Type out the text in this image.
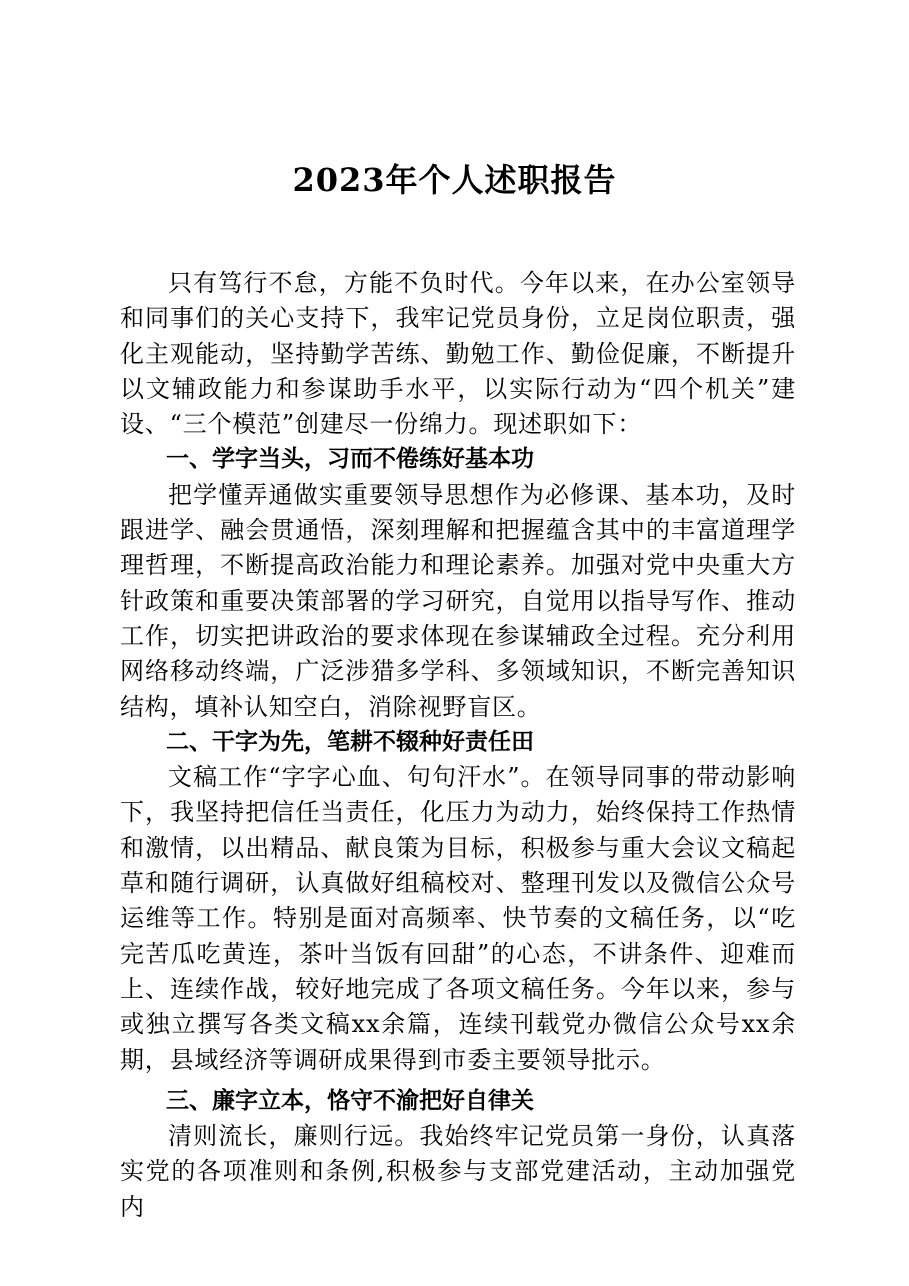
2023年个人述职报告

只有笃行不怠，方能不负时代。今年以来，在办公室领导和同事们的关心支持下，我牢记党员身份，立足岗位职责，强化主观能动，坚持勤学苦练、勤勉工作、勤俭促廉，不断提升以文辅政能力和参谋助手水平，以实际行动为“四个机关”建设、“三个模范”创建尽一份绵力。现述职如下：

一、学字当头，习而不倦练好基本功

把学懂弄通做实重要领导思想作为必修课、基本功，及时跟进学、融会贯通悟，深刻理解和把握蕴含其中的丰富道理学理哲理，不断提高政治能力和理论素养。加强对党中央重大方针政策和重要决策部署的学习研究，自觉用以指导写作、推动工作，切实把讲政治的要求体现在参谋辅政全过程。充分利用网络移动终端，广泛涉猎多学科、多领域知识，不断完善知识结构，填补认知空白，消除视野盲区。

二、干字为先，笔耕不辍种好责任田

文稿工作“字字心血、句句汗水”。在领导同事的带动影响下，我坚持把信任当责任，化压力为动力，始终保持工作热情和激情，以出精品、献良策为目标，积极参与重大会议文稿起草和随行调研，认真做好组稿校对、整理刊发以及微信公众号运维等工作。特别是面对高频率、快节奏的文稿任务，以“吃完苦瓜吃黄连，茶叶当饭有回甜”的心态，不讲条件、迎难而上、连续作战，较好地完成了各项文稿任务。今年以来，参与或独立撰写各类文稿xx余篇，连续刊载党办微信公众号xx余期，县域经济等调研成果得到市委主要领导批示。

三、廉字立本，恪守不渝把好自律关

清则流长，廉则行远。我始终牢记党员第一身份，认真落实党的各项准则和条例,积极参与支部党建活动，主动加强党内
